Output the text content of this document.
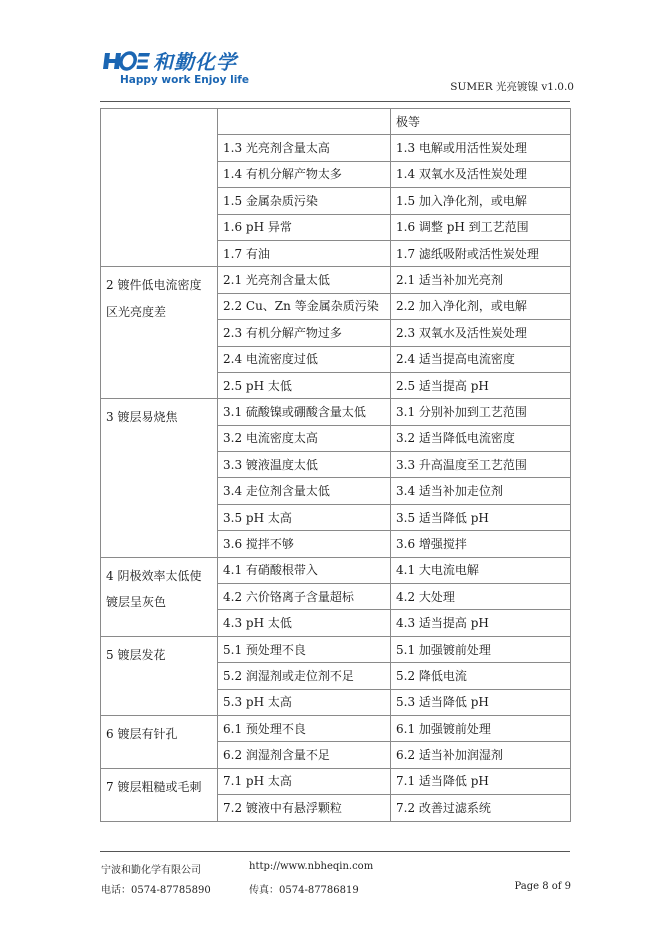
和勤化学
Happy work Enjoy life
SUMER 光亮镀镍 v1.0.0
		极等
	1.3 光亮剂含量太高	1.3 电解或用活性炭处理
	1.4 有机分解产物太多	1.4 双氧水及活性炭处理
	1.5 金属杂质污染	1.5 加入净化剂，或电解
	1.6 pH 异常	1.6 调整 pH 到工艺范围
	1.7 有油	1.7 滤纸吸附或活性炭处理
2 镀件低电流密度区光亮度差	2.1 光亮剂含量太低	2.1 适当补加光亮剂
	2.2 Cu、Zn 等金属杂质污染	2.2 加入净化剂，或电解
	2.3 有机分解产物过多	2.3 双氧水及活性炭处理
	2.4 电流密度过低	2.4 适当提高电流密度
	2.5 pH 太低	2.5 适当提高 pH
3 镀层易烧焦	3.1 硫酸镍或硼酸含量太低	3.1 分别补加到工艺范围
	3.2 电流密度太高	3.2 适当降低电流密度
	3.3 镀液温度太低	3.3 升高温度至工艺范围
	3.4 走位剂含量太低	3.4 适当补加走位剂
	3.5 pH 太高	3.5 适当降低 pH
	3.6 搅拌不够	3.6 增强搅拌
4 阴极效率太低使镀层呈灰色	4.1 有硝酸根带入	4.1 大电流电解
	4.2 六价铬离子含量超标	4.2 大处理
	4.3 pH 太低	4.3 适当提高 pH
5 镀层发花	5.1 预处理不良	5.1 加强镀前处理
	5.2 润湿剂或走位剂不足	5.2 降低电流
	5.3 pH 太高	5.3 适当降低 pH
6 镀层有针孔	6.1 预处理不良	6.1 加强镀前处理
	6.2 润湿剂含量不足	6.2 适当补加润湿剂
7 镀层粗糙或毛刺	7.1 pH 太高	7.1 适当降低 pH
	7.2 镀液中有悬浮颗粒	7.2 改善过滤系统
宁波和勤化学有限公司	http://www.nbheqin.com
电话：0574-87785890	传真：0574-87786819	Page 8 of 9
